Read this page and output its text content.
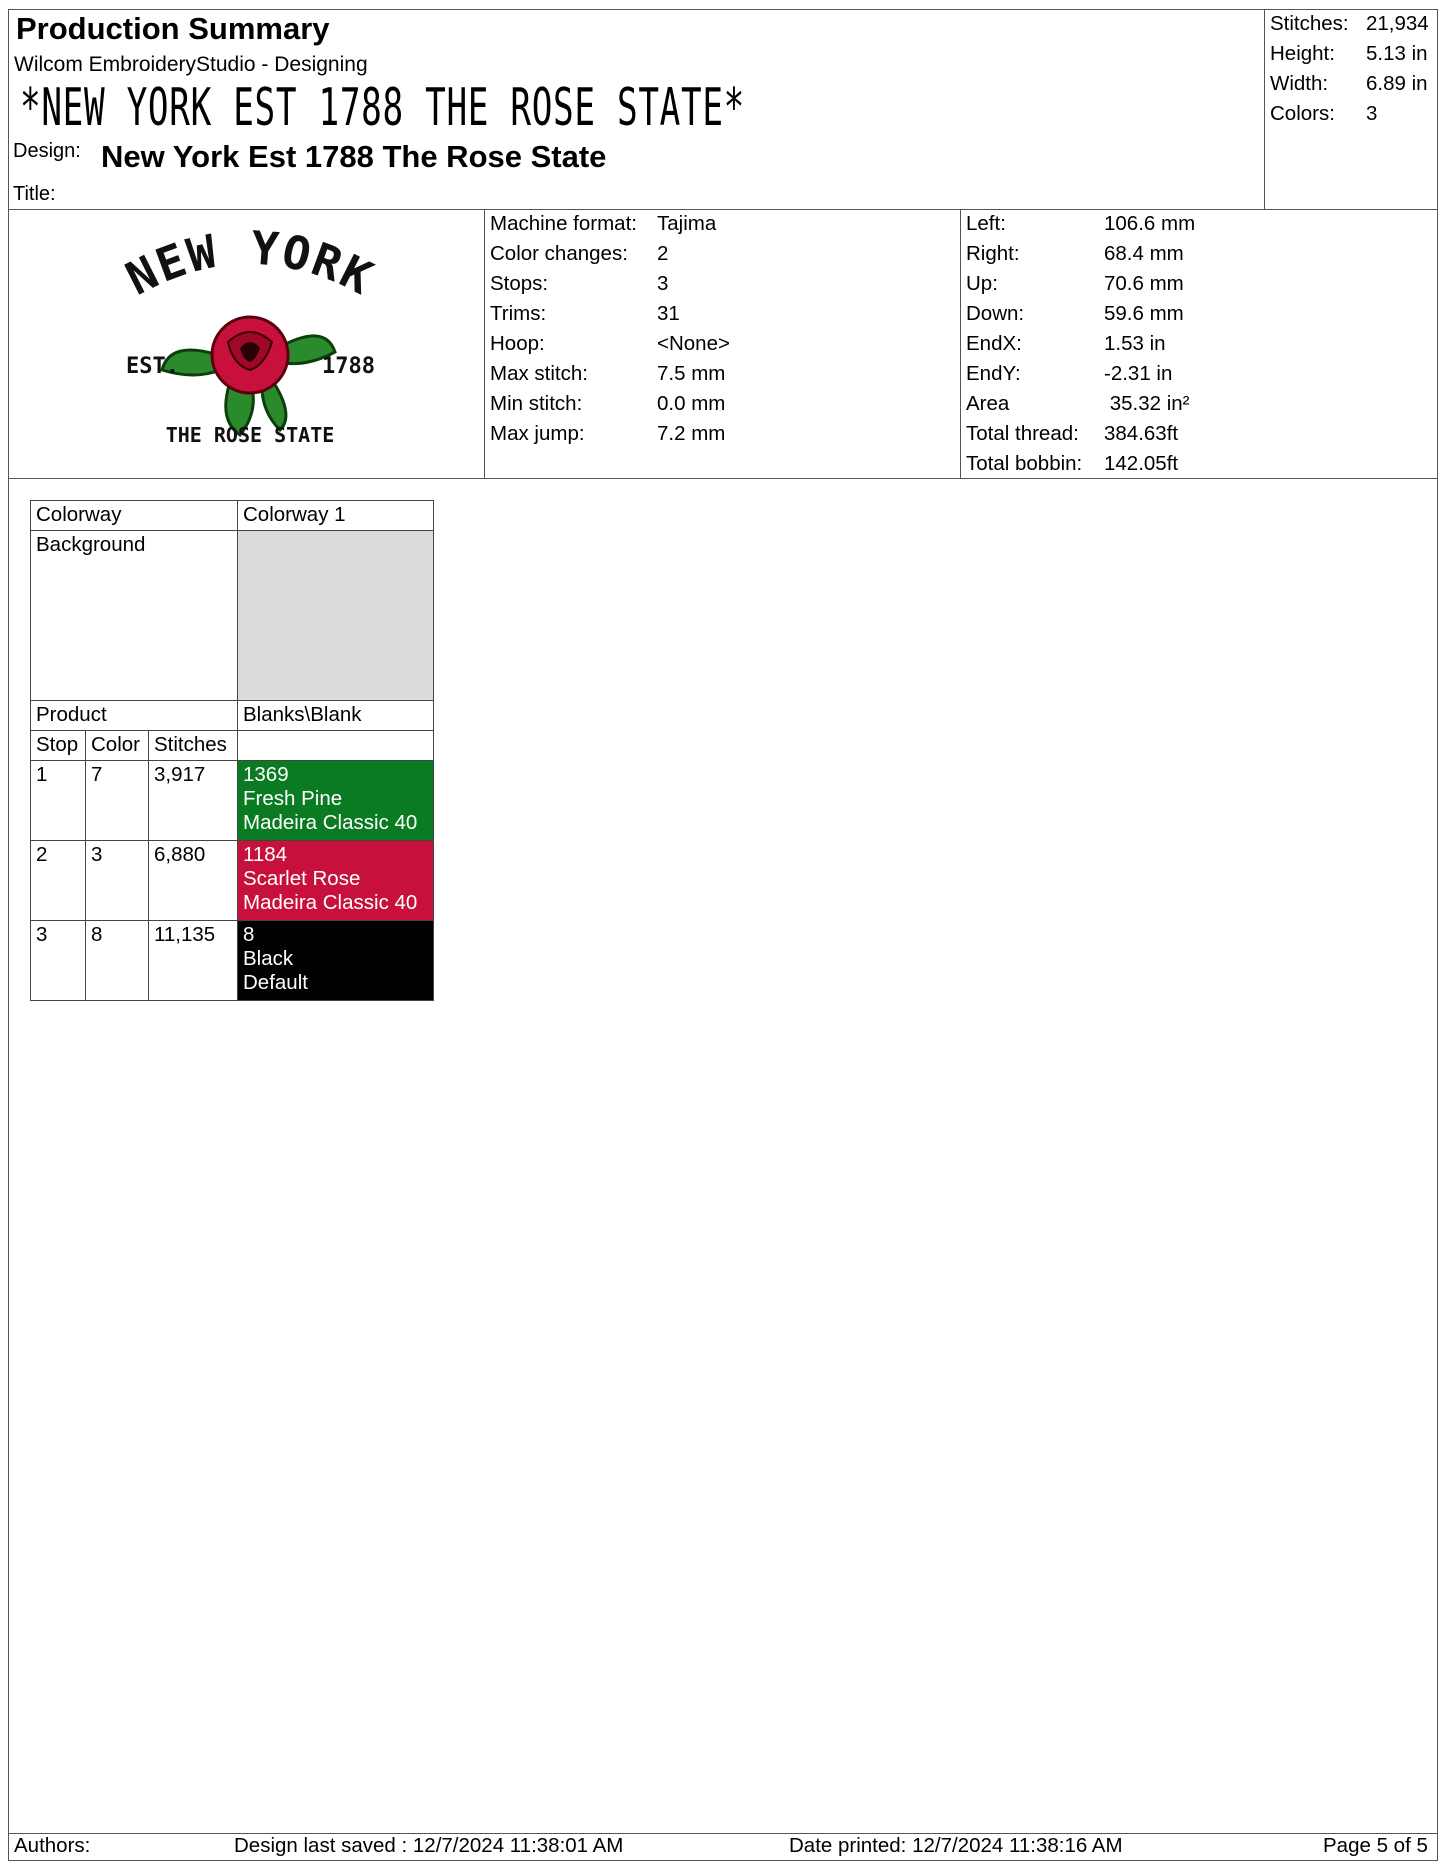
Production Summary
Wilcom EmbroideryStudio - Designing
*NEW YORK EST 1788 THE ROSE STATE*
Design: New York Est 1788 The Rose State
Title:
Stitches: 21,934
Height: 5.13 in
Width: 6.89 in
Colors: 3
NEW YORK
EST.	1788
THE ROSE STATE
Machine format: Tajima
Color changes: 2
Stops:	3
Trims:	31
Hoop:	<None>
Max stitch:	7.5 mm
Min stitch:	0.0 mm
Max jump:	7.2 mm
Left:	106.6 mm
Right:	68.4 mm
Up:	70.6 mm
Down:	59.6 mm
EndX:	1.53 in
EndY:	-2.31 in
Area	35.32 in²
Total thread: 384.63ft
Total bobbin: 142.05ft
Colorway			Colorway 1
Background			
Product			Blanks\Blank
Stop	Color	Stitches	
1	7	3,917	1369
Fresh Pine
Madeira Classic 40

2	3	6,880	1184
Scarlet Rose
Madeira Classic 40

3	8	11,135	8
Black
Default
Authors:	Design last saved : 12/7/2024 11:38:01 AM	Date printed: 12/7/2024 11:38:16 AM	Page 5 of 5
